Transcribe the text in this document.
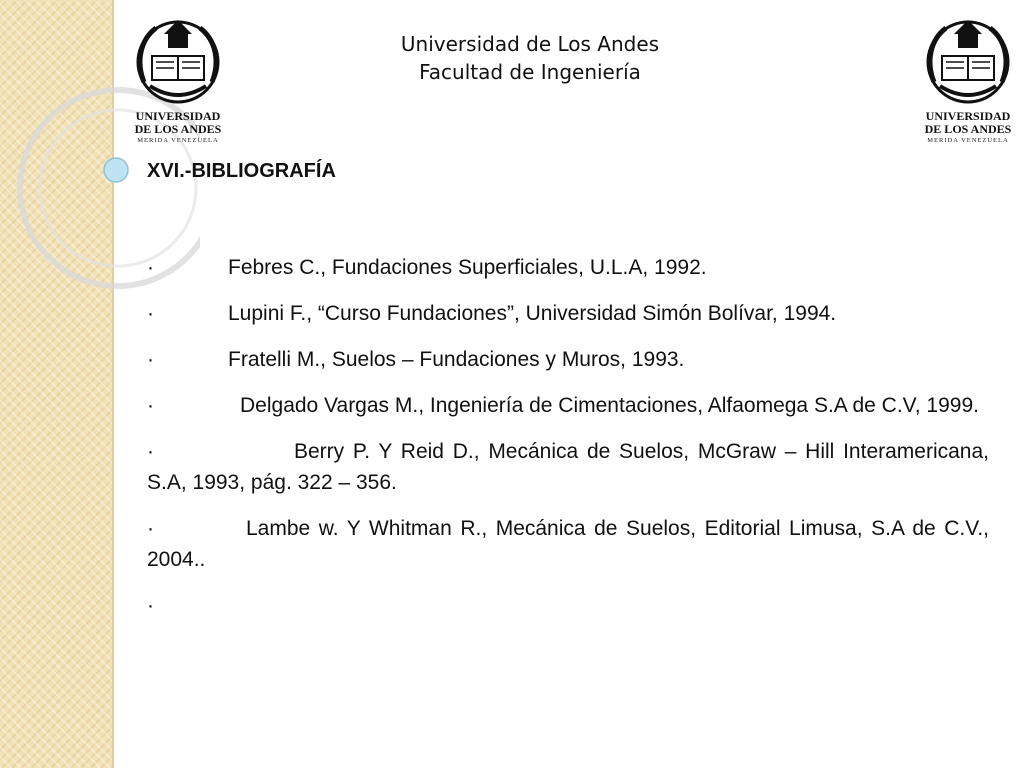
UNIVERSIDAD
DE LOS ANDES
MERIDA VENEZUELA
UNIVERSIDAD
DE LOS ANDES
MERIDA VENEZUELA
Universidad de Los Andes
Facultad de Ingeniería
XVI.-BIBLIOGRAFÍA

·	Febres C., Fundaciones Superficiales, U.L.A, 1992.

·	Lupini F., “Curso Fundaciones”, Universidad Simón Bolívar, 1994.

·	Fratelli M., Suelos – Fundaciones y Muros, 1993.

·	Delgado Vargas M., Ingeniería de Cimentaciones, Alfaomega S.A de C.V, 1999.

·	Berry P. Y Reid D., Mecánica de Suelos, McGraw – Hill Interamericana, S.A, 1993, pág. 322 – 356.

·	Lambe w. Y Whitman R., Mecánica de Suelos, Editorial Limusa, S.A de C.V., 2004..

·
